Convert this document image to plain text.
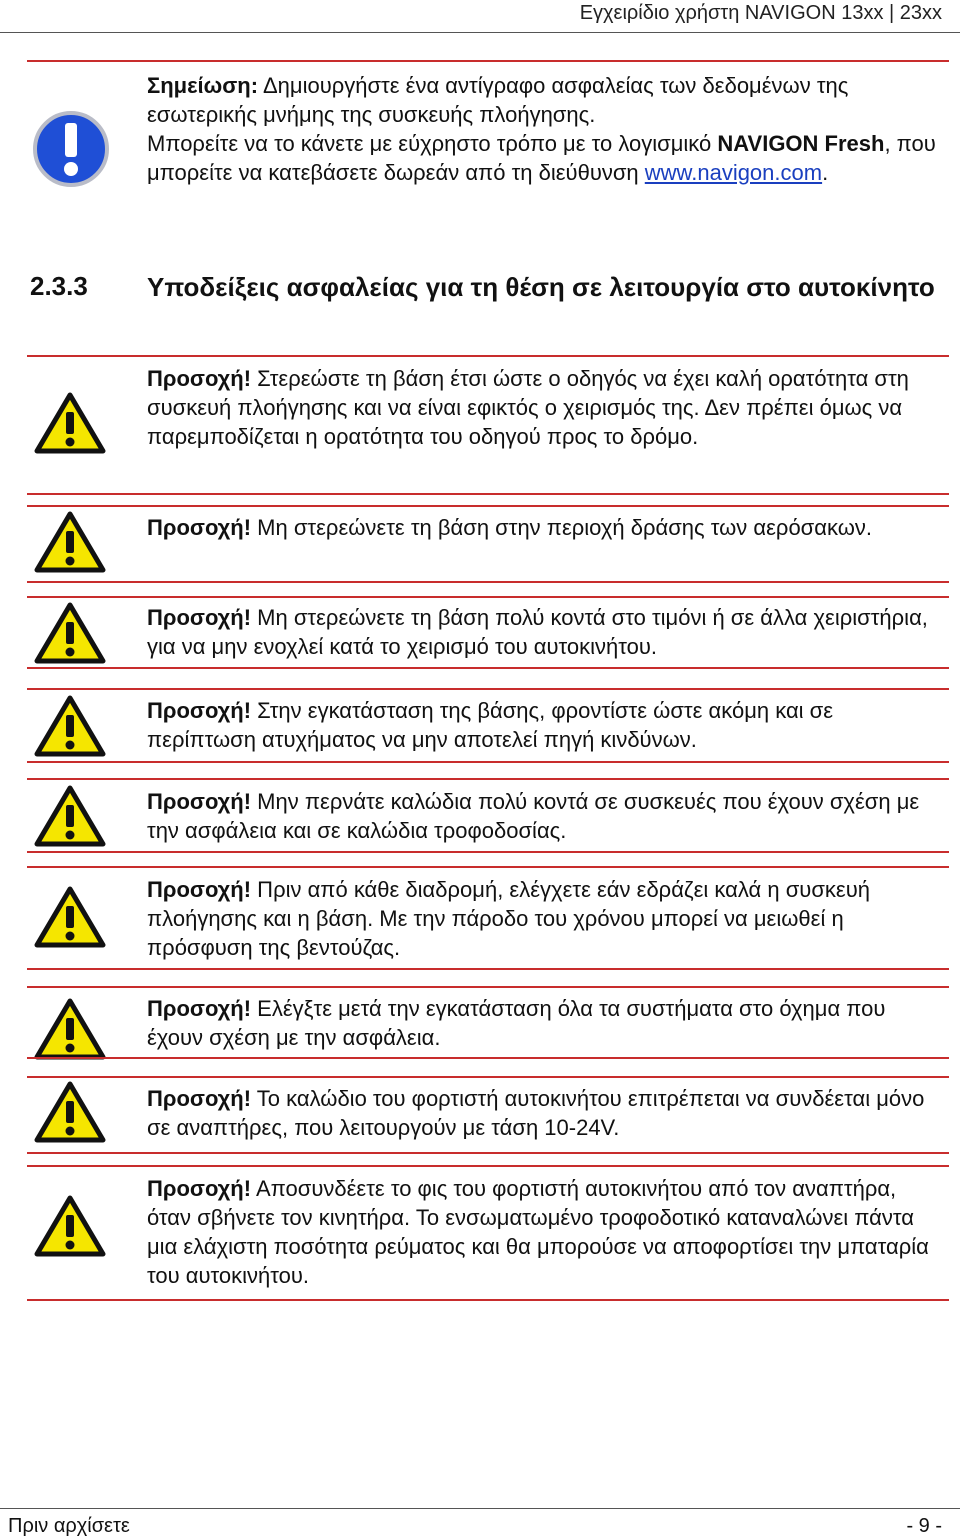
Εγχειρίδιο χρήστη NAVIGON 13xx | 23xx
Σημείωση: Δημιουργήστε ένα αντίγραφο ασφαλείας των δεδομένων της εσωτερικής μνήμης της συσκευής πλοήγησης.
Μπορείτε να το κάνετε με εύχρηστο τρόπο με το λογισμικό NAVIGON Fresh, που μπορείτε να κατεβάσετε δωρεάν από τη διεύθυνση www.navigon.com.
2.3.3 Υποδείξεις ασφαλείας για τη θέση σε λειτουργία στο αυτοκίνητο
Προσοχή! Στερεώστε τη βάση έτσι ώστε ο οδηγός να έχει καλή ορατότητα στη συσκευή πλοήγησης και να είναι εφικτός ο χειρισμός της. Δεν πρέπει όμως να παρεμποδίζεται η ορατότητα του οδηγού προς το δρόμο.
Προσοχή! Μη στερεώνετε τη βάση στην περιοχή δράσης των αερόσακων.
Προσοχή! Μη στερεώνετε τη βάση πολύ κοντά στο τιμόνι ή σε άλλα χειριστήρια, για να μην ενοχλεί κατά το χειρισμό του αυτοκινήτου.
Προσοχή! Στην εγκατάσταση της βάσης, φροντίστε ώστε ακόμη και σε περίπτωση ατυχήματος να μην αποτελεί πηγή κινδύνων.
Προσοχή! Μην περνάτε καλώδια πολύ κοντά σε συσκευές που έχουν σχέση με την ασφάλεια και σε καλώδια τροφοδοσίας.
Προσοχή! Πριν από κάθε διαδρομή, ελέγχετε εάν εδράζει καλά η συσκευή πλοήγησης και η βάση. Με την πάροδο του χρόνου μπορεί να μειωθεί η πρόσφυση της βεντούζας.
Προσοχή! Ελέγξτε μετά την εγκατάσταση όλα τα συστήματα στο όχημα που έχουν σχέση με την ασφάλεια.
Προσοχή! Το καλώδιο του φορτιστή αυτοκινήτου επιτρέπεται να συνδέεται μόνο σε αναπτήρες, που λειτουργούν με τάση 10-24V.
Προσοχή! Αποσυνδέετε το φις του φορτιστή αυτοκινήτου από τον αναπτήρα, όταν σβήνετε τον κινητήρα. Το ενσωματωμένο τροφοδοτικό καταναλώνει πάντα μια ελάχιστη ποσότητα ρεύματος και θα μπορούσε να αποφορτίσει την μπαταρία του αυτοκινήτου.
Πριν αρχίσετε	- 9 -
